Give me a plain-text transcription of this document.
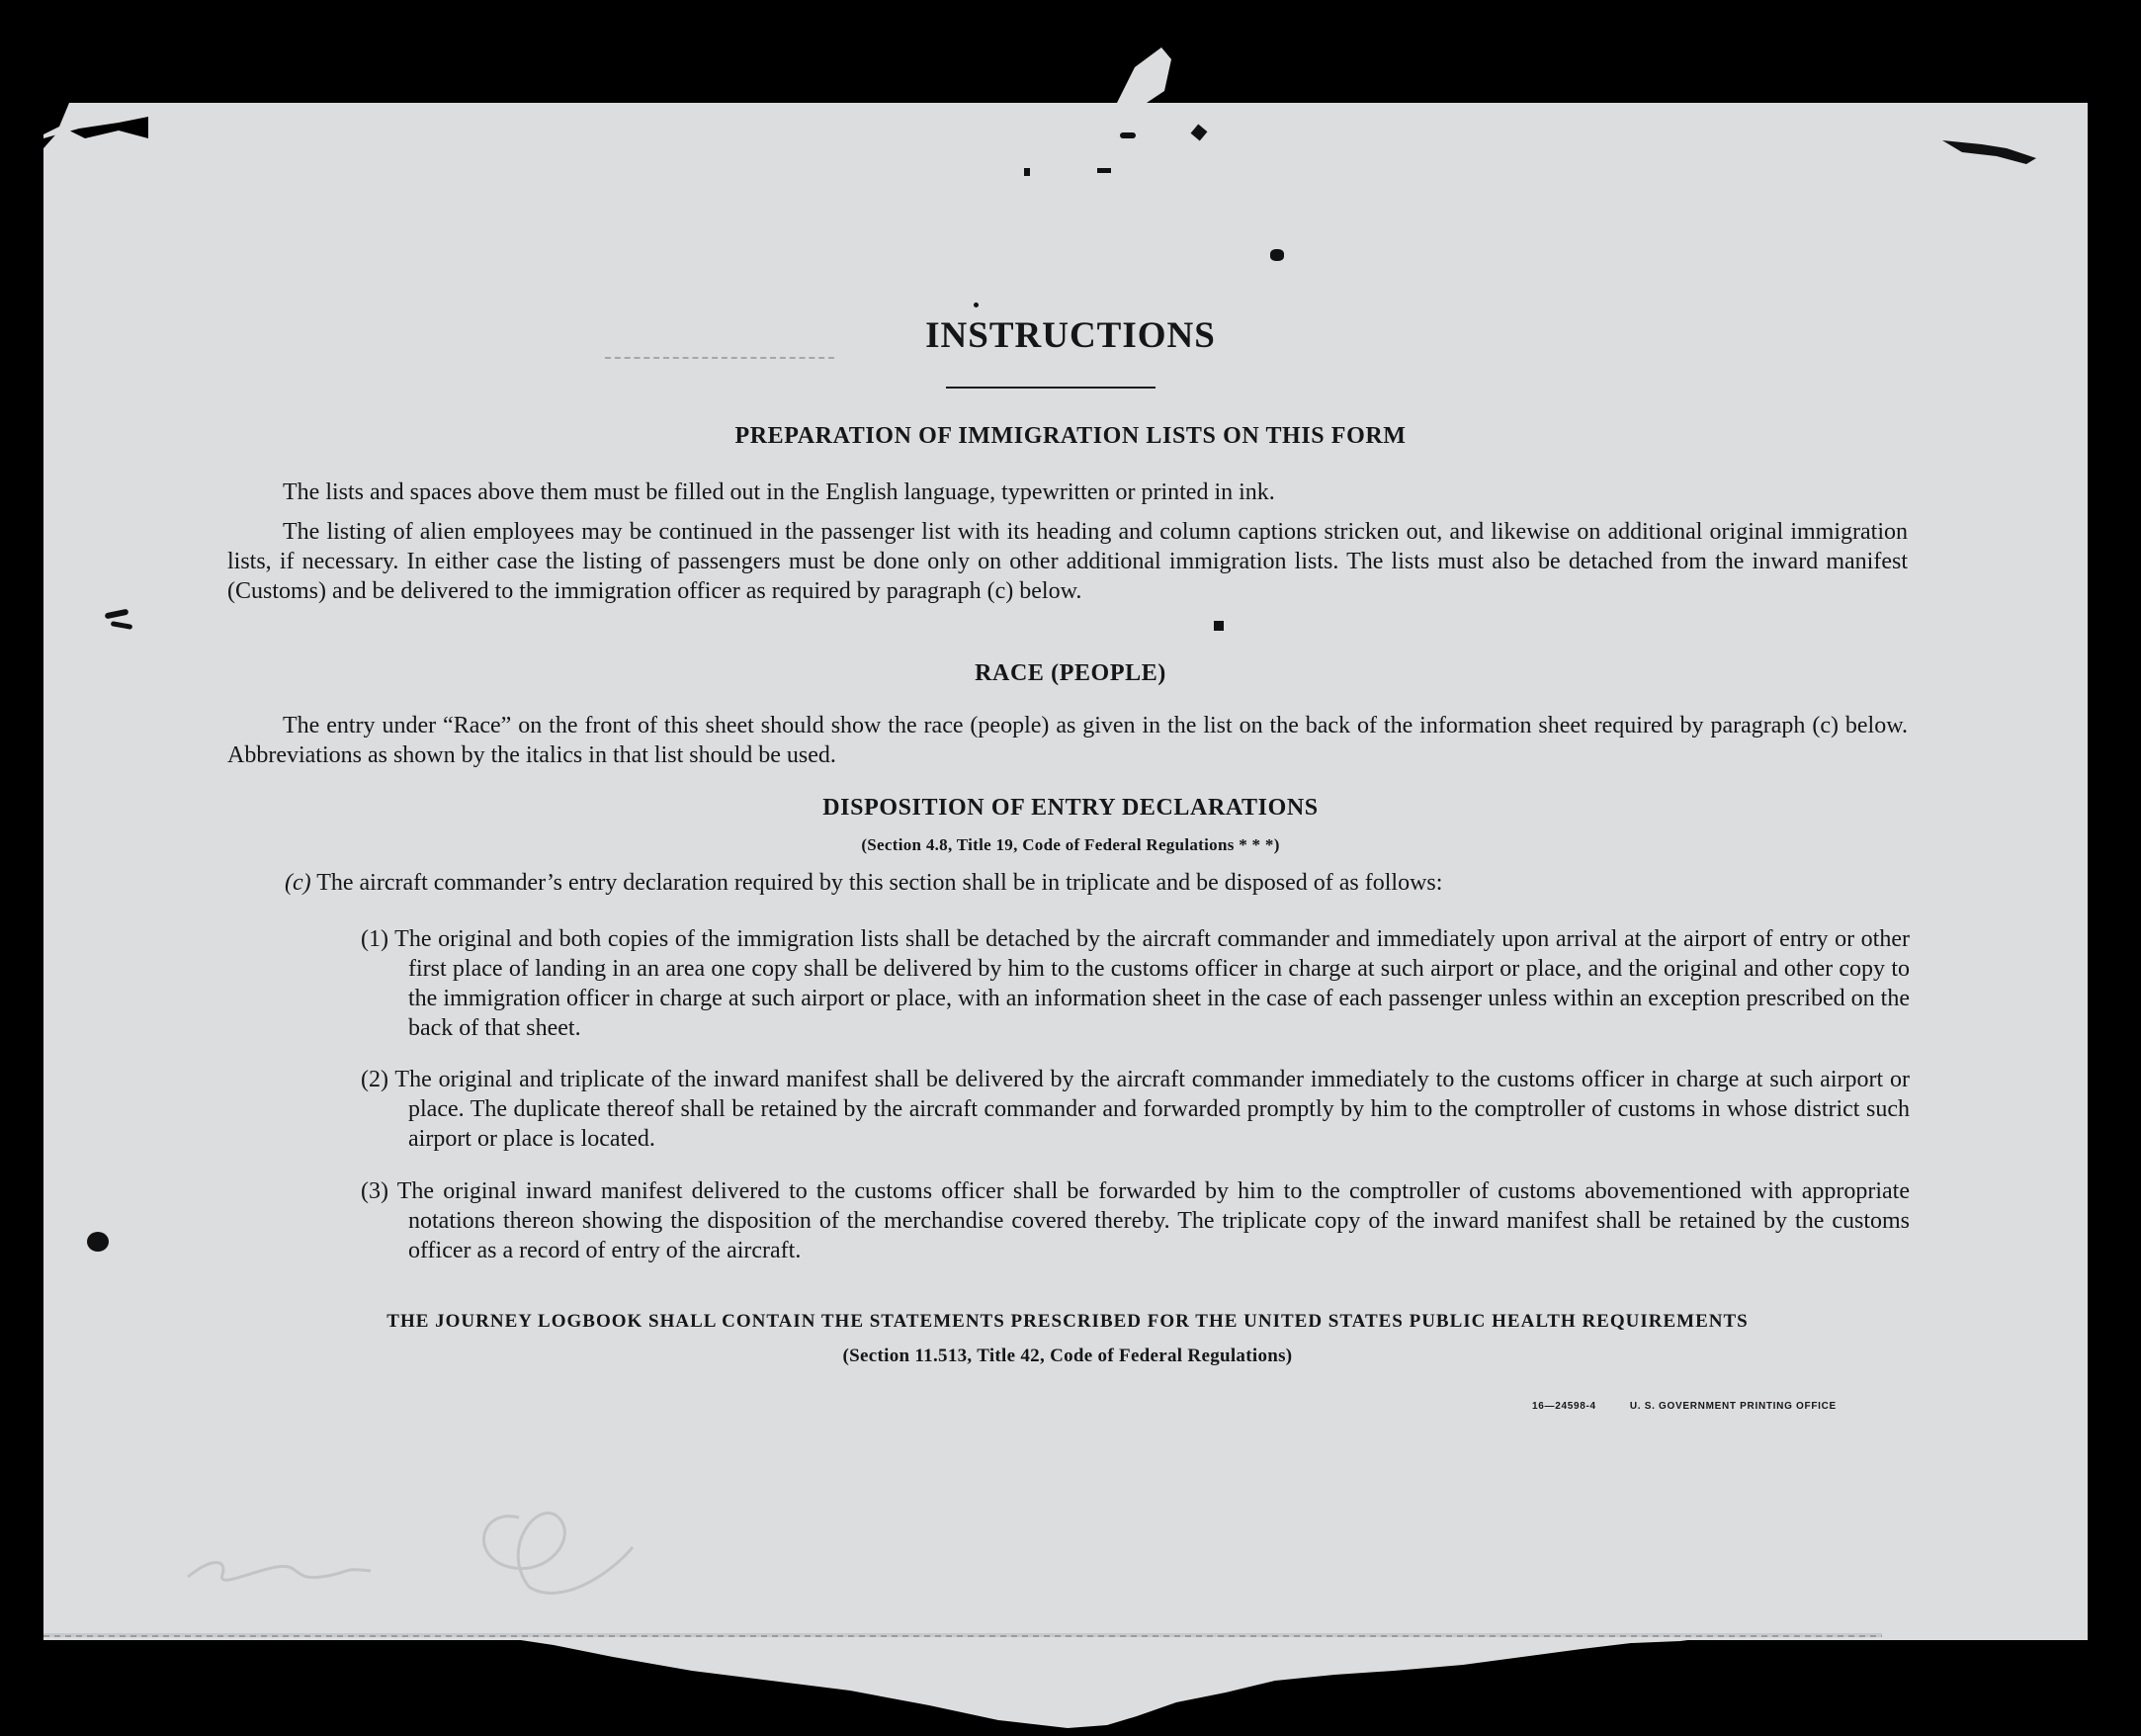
INSTRUCTIONS
PREPARATION OF IMMIGRATION LISTS ON THIS FORM

The lists and spaces above them must be filled out in the English language, typewritten or printed in ink.

The listing of alien employees may be continued in the passenger list with its heading and column captions stricken out, and likewise on additional original immigration lists, if necessary. In either case the listing of passengers must be done only on other additional immigration lists. The lists must also be detached from the inward manifest (Customs) and be delivered to the immigration officer as required by paragraph (c) below.

RACE (PEOPLE)

The entry under “Race” on the front of this sheet should show the race (people) as given in the list on the back of the information sheet required by paragraph (c) below. Abbreviations as shown by the italics in that list should be used.

DISPOSITION OF ENTRY DECLARATIONS
(Section 4.8, Title 19, Code of Federal Regulations * * *)

(c) The aircraft commander’s entry declaration required by this section shall be in triplicate and be disposed of as follows:

(1) The original and both copies of the immigration lists shall be detached by the aircraft commander and immediately upon arrival at the airport of entry or other first place of landing in an area one copy shall be delivered by him to the customs officer in charge at such airport or place, and the original and other copy to the immigration officer in charge at such airport or place, with an information sheet in the case of each passenger unless within an exception prescribed on the back of that sheet.
(2) The original and triplicate of the inward manifest shall be delivered by the aircraft commander immediately to the customs officer in charge at such airport or place. The duplicate thereof shall be retained by the aircraft commander and forwarded promptly by him to the comptroller of customs in whose district such airport or place is located.
(3) The original inward manifest delivered to the customs officer shall be forwarded by him to the comptroller of customs abovementioned with appropriate notations thereon showing the disposition of the merchandise covered thereby. The triplicate copy of the inward manifest shall be retained by the customs officer as a record of entry of the aircraft.
THE JOURNEY LOGBOOK SHALL CONTAIN THE STATEMENTS PRESCRIBED FOR THE UNITED STATES PUBLIC HEALTH REQUIREMENTS
(Section 11.513, Title 42, Code of Federal Regulations)
16—24598-4	U. S. GOVERNMENT PRINTING OFFICE
